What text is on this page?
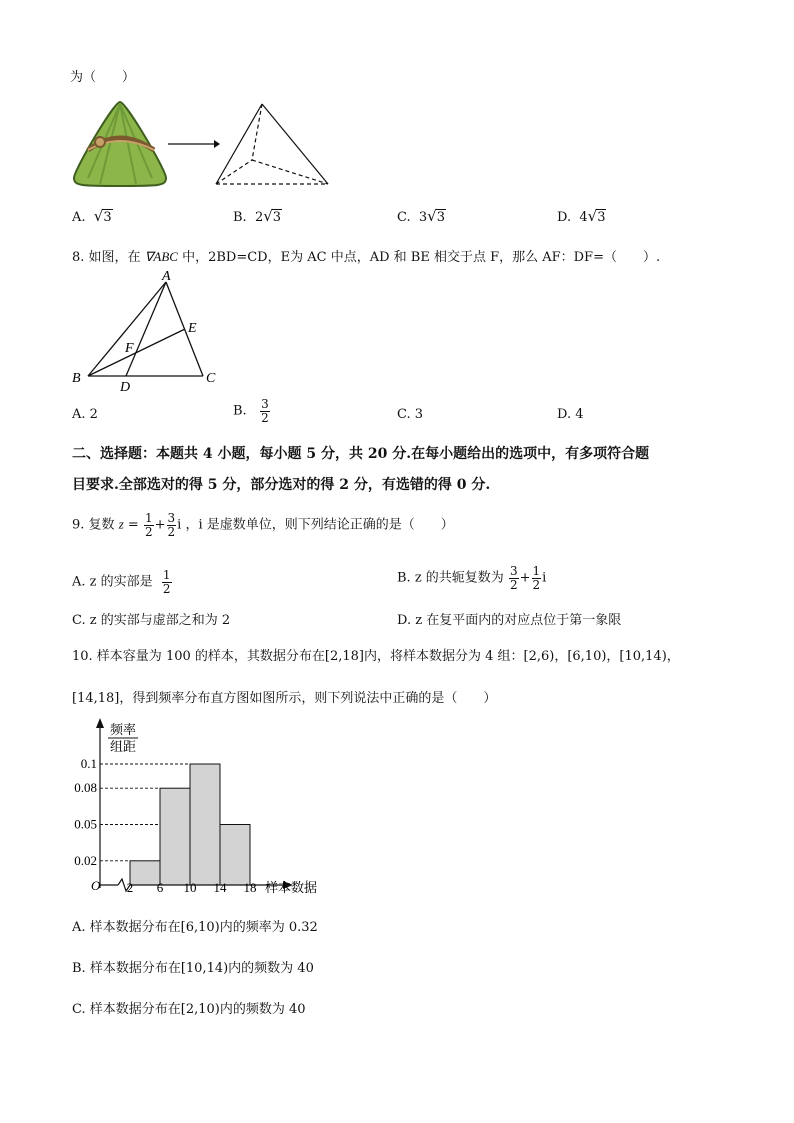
为（　　）
A. √3	B. 2√3	C. 3√3	D. 4√3
8. 如图，在 ∇ABC 中，2BD=CD，E为 AC 中点，AD 和 BE 相交于点 F，那么 AF：DF=（　　）.
A
B	C
D
E
F
A. 2	B. $\frac{3}{2}$	C. 3	D. 4
二、选择题：本题共 4 小题，每小题 5 分，共 20 分.在每小题给出的选项中，有多项符合题
目要求.全部选对的得 5 分，部分选对的得 2 分，有选错的得 0 分.
9. 复数 $z = \frac{1}{2} + \frac{3}{2}$ i ，i 是虚数单位，则下列结论正确的是（　　）
A. z 的实部是 $\frac{1}{2}$	B. z 的共轭复数为 $\frac{3}{2} + \frac{1}{2}$ i
C. z 的实部与虚部之和为 2	D. z 在复平面内的对应点位于第一象限
10. 样本容量为 100 的样本，其数据分布在[2,18]内，将样本数据分为 4 组：[2,6)，[6,10)，[10,14)，
[14,18]，得到频率分布直方图如图所示，则下列说法中正确的是（　　）
频率
组距
O	样本数据
2 6 10 14 18
0.02
0.05
0.08
0.1
A. 样本数据分布在[6,10)内的频率为 0.32
B. 样本数据分布在[10,14)内的频数为 40
C. 样本数据分布在[2,10)内的频数为 40
